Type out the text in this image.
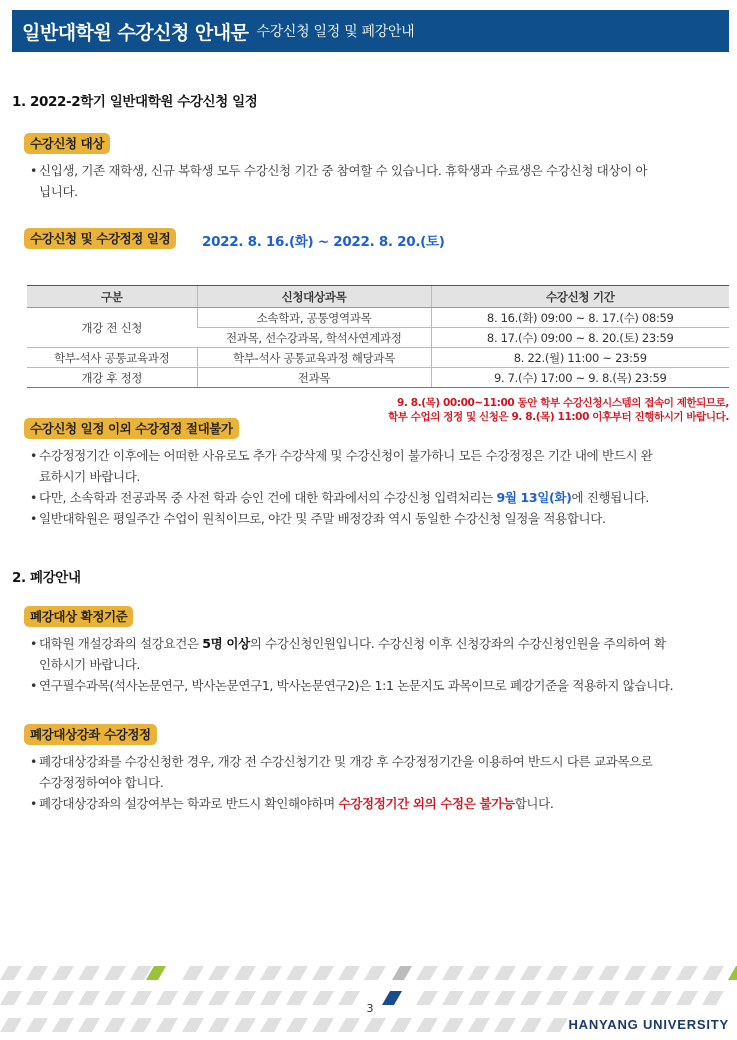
일반대학원 수강신청 안내문 수강신청 일정 및 폐강안내
1. 2022-2학기 일반대학원 수강신청 일정
수강신청 대상
• 신입생, 기존 재학생, 신규 복학생 모두 수강신청 기간 중 참여할 수 있습니다. 휴학생과 수료생은 수강신청 대상이 아
닙니다.
수강신청 및 수강정정 일정	2022. 8. 16.(화) ~ 2022. 8. 20.(토)
구분	신청대상과목	수강신청 기간
개강 전 신청	소속학과, 공통영역과목	8. 16.(화) 09:00 ~ 8. 17.(수) 08:59
	전과목, 선수강과목, 학석사연계과정	8. 17.(수) 09:00 ~ 8. 20.(토) 23:59
학부-석사 공통교육과정	학부-석사 공통교육과정 해당과목	8. 22.(월) 11:00 ~ 23:59
개강 후 정정	전과목	9. 7.(수) 17:00 ~ 9. 8.(목) 23:59
9. 8.(목) 00:00~11:00 동안 학부 수강신청시스템의 접속이 제한되므로,
학부 수업의 정정 및 신청은 9. 8.(목) 11:00 이후부터 진행하시기 바랍니다.
수강신청 일정 이외 수강정정 절대불가
• 수강정정기간 이후에는 어떠한 사유로도 추가 수강삭제 및 수강신청이 불가하니 모든 수강정정은 기간 내에 반드시 완
료하시기 바랍니다.
• 다만, 소속학과 전공과목 중 사전 학과 승인 건에 대한 학과에서의 수강신청 입력처리는 9월 13일(화)에 진행됩니다.
• 일반대학원은 평일주간 수업이 원칙이므로, 야간 및 주말 배정강좌 역시 동일한 수강신청 일정을 적용합니다.
2. 폐강안내
폐강대상 확정기준
• 대학원 개설강좌의 설강요건은 5명 이상의 수강신청인원입니다. 수강신청 이후 신청강좌의 수강신청인원을 주의하여 확
인하시기 바랍니다.
• 연구필수과목(석사논문연구, 박사논문연구1, 박사논문연구2)은 1:1 논문지도 과목이므로 폐강기준을 적용하지 않습니다.
폐강대상강좌 수강정정
• 폐강대상강좌를 수강신청한 경우, 개강 전 수강신청기간 및 개강 후 수강정정기간을 이용하여 반드시 다른 교과목으로
수강정정하여야 합니다.
• 폐강대상강좌의 설강여부는 학과로 반드시 확인해야하며 수강정정기간 외의 수정은 불가능합니다.
3
HANYANG UNIVERSITY
